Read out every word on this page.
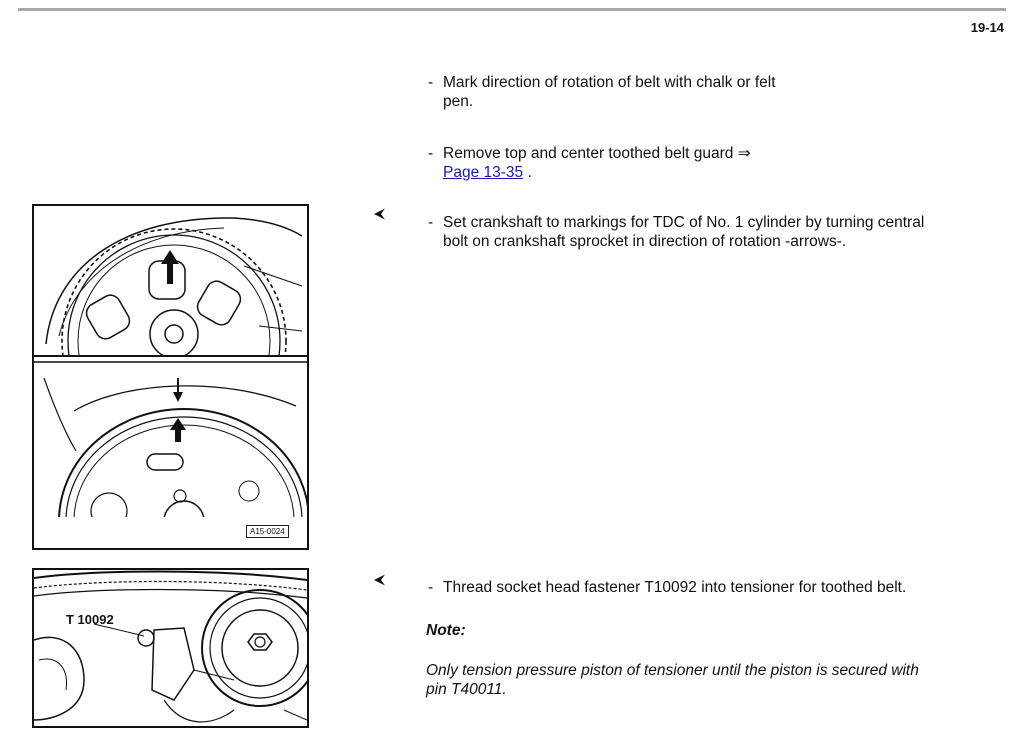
19-14
- Mark direction of rotation of belt with chalk or felt
pen.
- Remove top and center toothed belt guard ⇒
Page 13-35 .
- Set crankshaft to markings for TDC of No. 1 cylinder by turning central
bolt on crankshaft sprocket in direction of rotation -arrows-.
- Thread socket head fastener T10092 into tensioner for toothed belt.
Note:
Only tension pressure piston of tensioner until the piston is secured with
pin T40011.
A15-0024
T 10092
